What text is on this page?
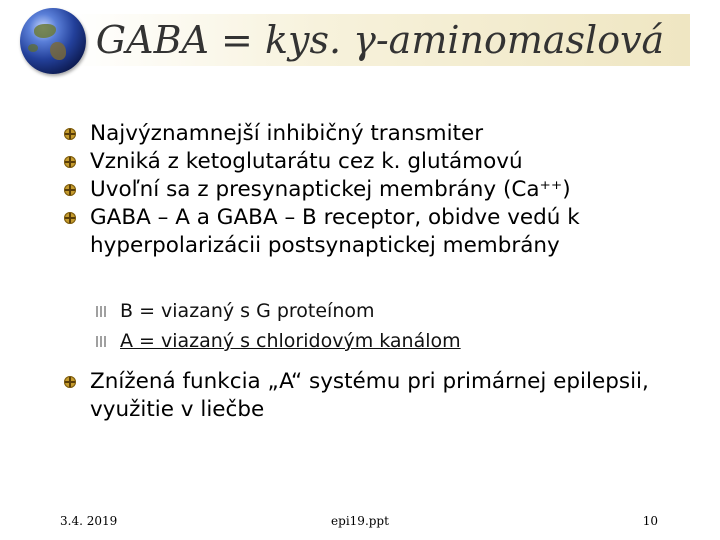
GABA = kys. γ-aminomaslová
Najvýznamnejší inhibičný transmiter
Vzniká z ketoglutarátu cez k. glutámovú
Uvoľní sa z presynaptickej membrány (Ca⁺⁺)
GABA – A a GABA – B receptor, obidve vedú k hyperpolarizácii postsynaptickej membrány
B = viazaný s G proteínom
A = viazaný s chloridovým kanálom
Znížená funkcia „A“ systému pri primárnej epilepsii, využitie v liečbe
3.4. 2019	epi19.ppt	10
